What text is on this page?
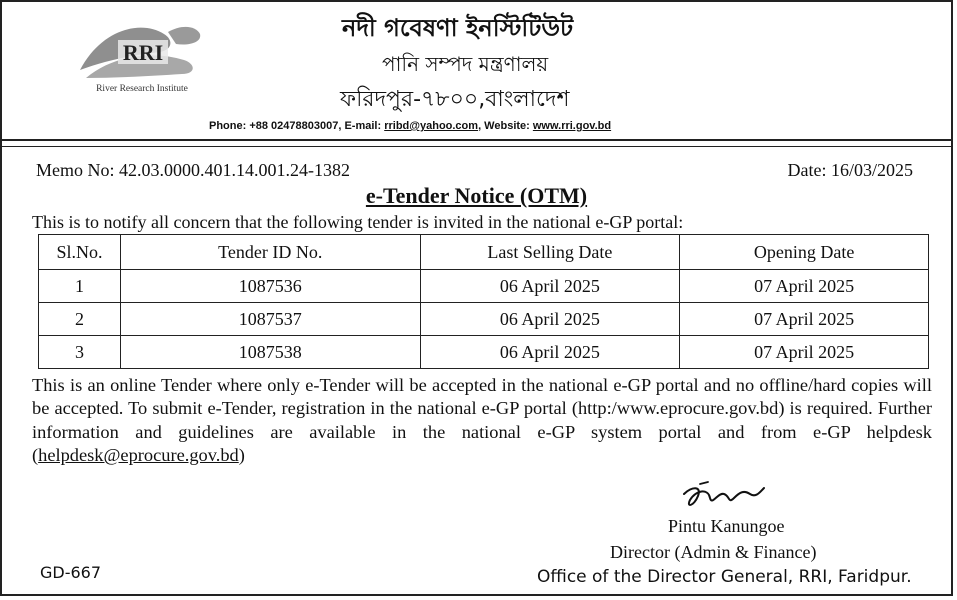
RRI
River Research Institute
নদী গবেষণা ইনস্টিটিউট
পানি সম্পদ মন্ত্রণালয়
ফরিদপুর-৭৮০০,বাংলাদেশ
Phone: +88 02478803007, E-mail: rribd@yahoo.com, Website: www.rri.gov.bd
Memo No: 42.03.0000.401.14.001.24-1382	Date: 16/03/2025
e-Tender Notice (OTM)
This is to notify all concern that the following tender is invited in the national e-GP portal:
Sl.No.	Tender ID No.	Last Selling Date	Opening Date
1	1087536	06 April 2025	07 April 2025
2	1087537	06 April 2025	07 April 2025
3	1087538	06 April 2025	07 April 2025
This is an online Tender where only e-Tender will be accepted in the national e-GP portal and no offline/hard copies will be accepted. To submit e-Tender, registration in the national e-GP portal (http:/www.eprocure.gov.bd) is required. Further information and guidelines are available in the national e-GP system portal and from e-GP helpdesk (helpdesk@eprocure.gov.bd)
Pintu Kanungoe
Director (Admin & Finance)
Office of the Director General, RRI, Faridpur.
GD-667
